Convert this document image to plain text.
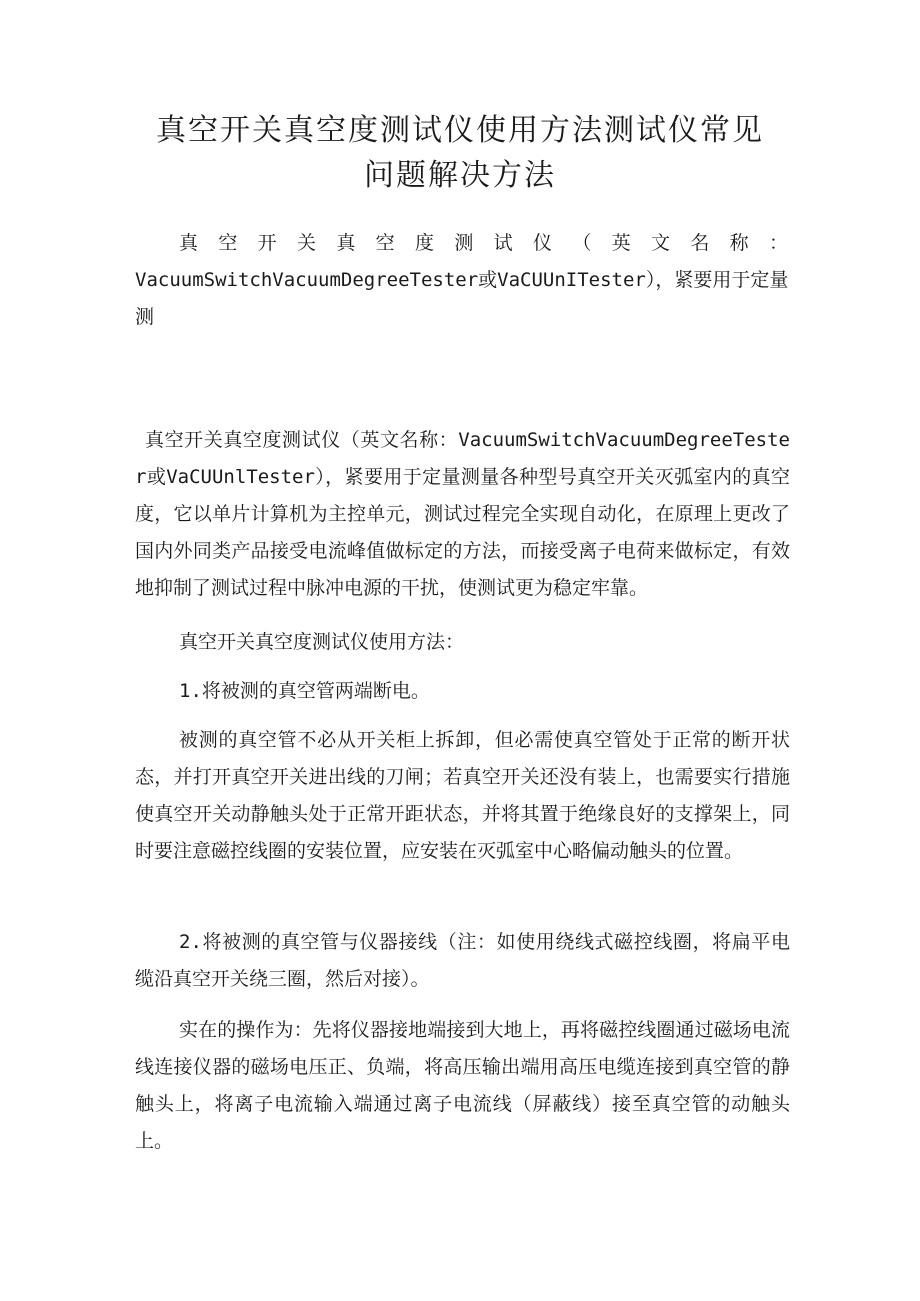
真空开关真空度测试仪使用方法测试仪常见
问题解决方法
真 空 开 关 真 空 度 测 试 仪 （ 英 文 名 称 ：
VacuumSwitchVacuumDegreeTester或VaCUUnITester），紧要用于定量
测

真空开关真空度测试仪（英文名称：VacuumSwitchVacuumDegreeTester或VaCUUnlTester），紧要用于定量测量各种型号真空开关灭弧室内的真空度，它以单片计算机为主控单元，测试过程完全实现自动化，在原理上更改了国内外同类产品接受电流峰值做标定的方法，而接受离子电荷来做标定，有效地抑制了测试过程中脉冲电源的干扰，使测试更为稳定牢靠。

真空开关真空度测试仪使用方法：

1.将被测的真空管两端断电。

被测的真空管不必从开关柜上拆卸，但必需使真空管处于正常的断开状态，并打开真空开关进出线的刀闸；若真空开关还没有装上，也需要实行措施使真空开关动静触头处于正常开距状态，并将其置于绝缘良好的支撑架上，同时要注意磁控线圈的安装位置，应安装在灭弧室中心略偏动触头的位置。

2.将被测的真空管与仪器接线（注：如使用绕线式磁控线圈，将扁平电缆沿真空开关绕三圈，然后对接）。

实在的操作为：先将仪器接地端接到大地上，再将磁控线圈通过磁场电流线连接仪器的磁场电压正、负端，将高压输出端用高压电缆连接到真空管的静触头上，将离子电流输入端通过离子电流线（屏蔽线）接至真空管的动触头上。
